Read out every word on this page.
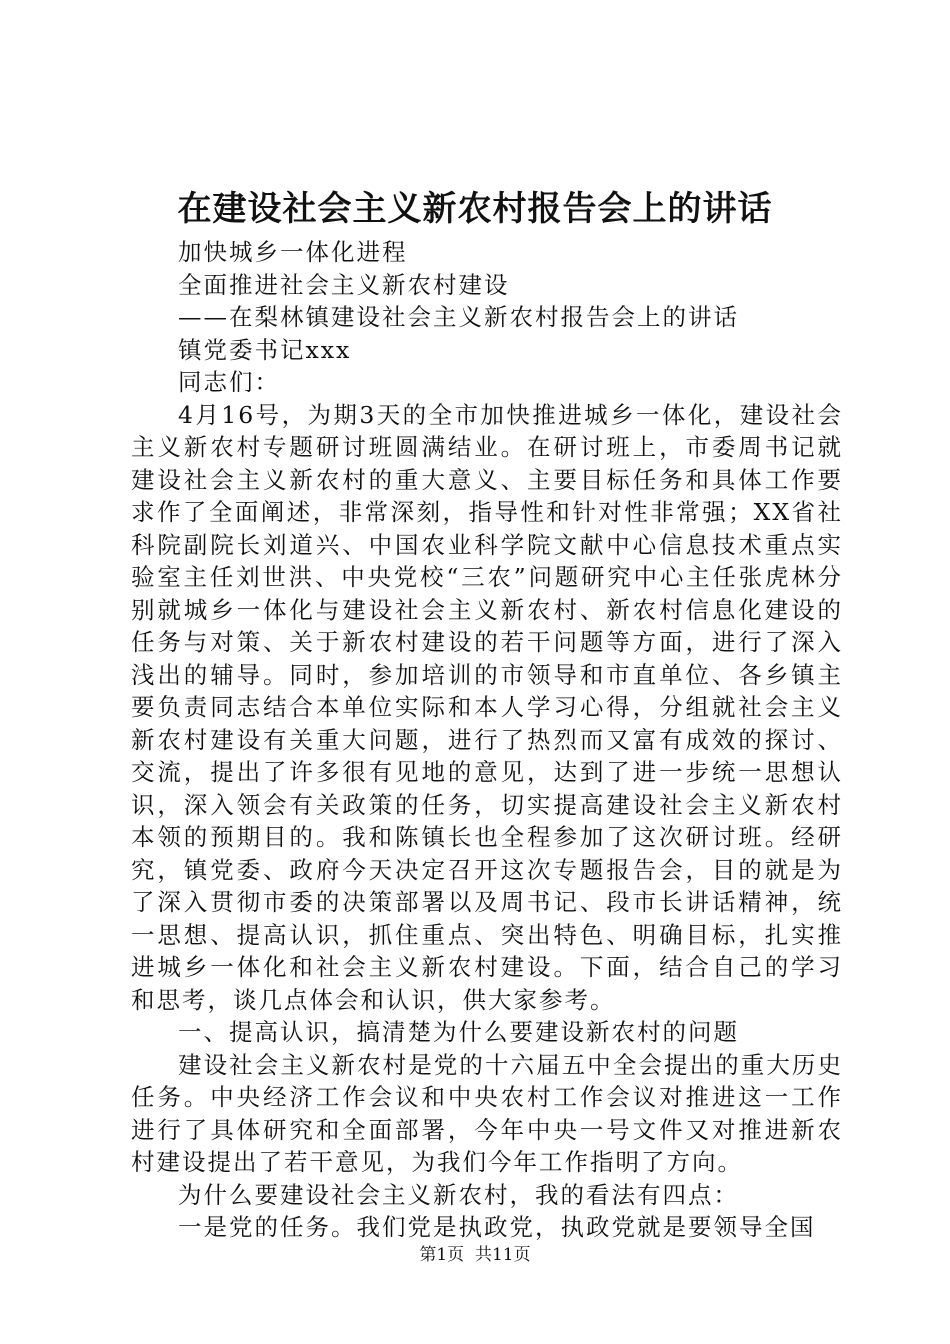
在建设社会主义新农村报告会上的讲话

加快城乡一体化进程

全面推进社会主义新农村建设

——在梨林镇建设社会主义新农村报告会上的讲话

镇党委书记xxx

同志们：

4月16号，为期3天的全市加快推进城乡一体化，建设社会主义新农村专题研讨班圆满结业。在研讨班上，市委周书记就建设社会主义新农村的重大意义、主要目标任务和具体工作要求作了全面阐述，非常深刻，指导性和针对性非常强；XX省社科院副院长刘道兴、中国农业科学院文献中心信息技术重点实验室主任刘世洪、中央党校“三农”问题研究中心主任张虎林分别就城乡一体化与建设社会主义新农村、新农村信息化建设的任务与对策、关于新农村建设的若干问题等方面，进行了深入浅出的辅导。同时，参加培训的市领导和市直单位、各乡镇主要负责同志结合本单位实际和本人学习心得，分组就社会主义新农村建设有关重大问题，进行了热烈而又富有成效的探讨、交流，提出了许多很有见地的意见，达到了进一步统一思想认识，深入领会有关政策的任务，切实提高建设社会主义新农村本领的预期目的。我和陈镇长也全程参加了这次研讨班。经研究，镇党委、政府今天决定召开这次专题报告会，目的就是为了深入贯彻市委的决策部署以及周书记、段市长讲话精神，统一思想、提高认识，抓住重点、突出特色、明确目标，扎实推进城乡一体化和社会主义新农村建设。下面，结合自己的学习和思考，谈几点体会和认识，供大家参考。

一、提高认识，搞清楚为什么要建设新农村的问题

建设社会主义新农村是党的十六届五中全会提出的重大历史任务。中央经济工作会议和中央农村工作会议对推进这一工作进行了具体研究和全面部署，今年中央一号文件又对推进新农村建设提出了若干意见，为我们今年工作指明了方向。

为什么要建设社会主义新农村，我的看法有四点：

一是党的任务。我们党是执政党，执政党就是要领导全国

第1页  共11页
